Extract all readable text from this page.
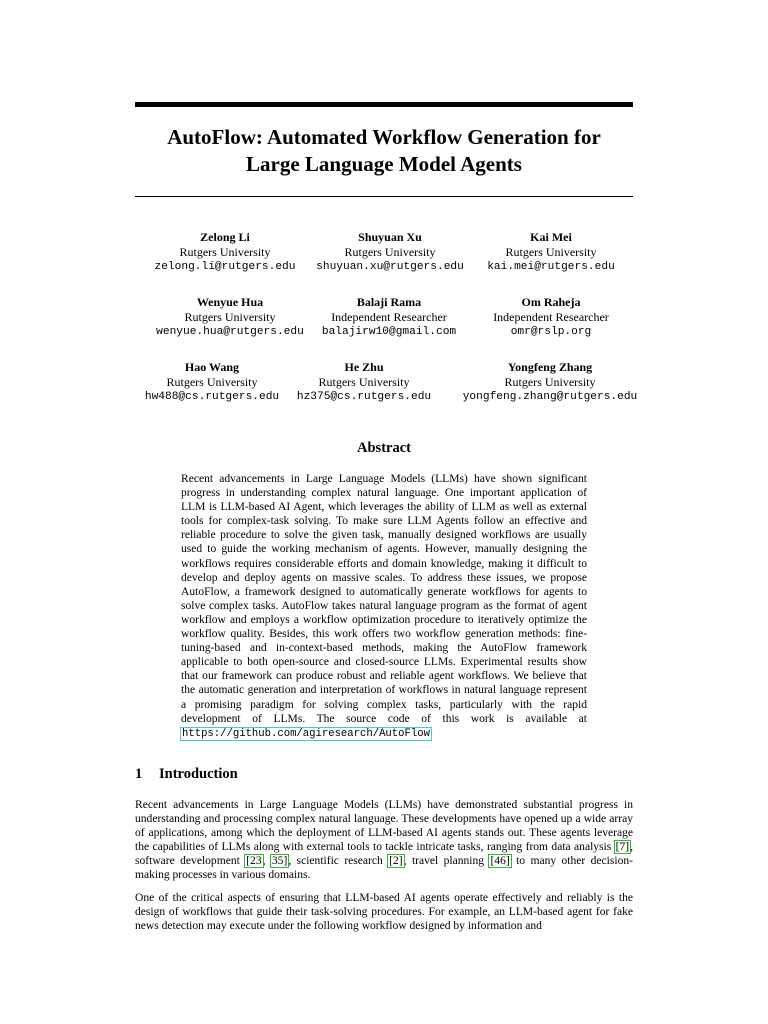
AutoFlow: Automated Workflow Generation for
Large Language Model Agents
Zelong Li
Rutgers University
zelong.li@rutgers.edu
Shuyuan Xu
Rutgers University
shuyuan.xu@rutgers.edu
Kai Mei
Rutgers University
kai.mei@rutgers.edu
Wenyue Hua
Rutgers University
wenyue.hua@rutgers.edu
Balaji Rama
Independent Researcher
balajirw10@gmail.com
Om Raheja
Independent Researcher
omr@rslp.org
Hao Wang
Rutgers University
hw488@cs.rutgers.edu
He Zhu
Rutgers University
hz375@cs.rutgers.edu
Yongfeng Zhang
Rutgers University
yongfeng.zhang@rutgers.edu
Abstract

Recent advancements in Large Language Models (LLMs) have shown significant progress in understanding complex natural language. One important application of LLM is LLM-based AI Agent, which leverages the ability of LLM as well as external tools for complex-task solving. To make sure LLM Agents follow an effective and reliable procedure to solve the given task, manually designed workflows are usually used to guide the working mechanism of agents. However, manually designing the workflows requires considerable efforts and domain knowledge, making it difficult to develop and deploy agents on massive scales. To address these issues, we propose AutoFlow, a framework designed to automatically generate workflows for agents to solve complex tasks. AutoFlow takes natural language program as the format of agent workflow and employs a workflow optimization procedure to iteratively optimize the workflow quality. Besides, this work offers two workflow generation methods: fine-tuning-based and in-context-based methods, making the AutoFlow framework applicable to both open-source and closed-source LLMs. Experimental results show that our framework can produce robust and reliable agent workflows. We believe that the automatic generation and interpretation of workflows in natural language represent a promising paradigm for solving complex tasks, particularly with the rapid development of LLMs. The source code of this work is available at https://github.com/agiresearch/AutoFlow

1 Introduction

Recent advancements in Large Language Models (LLMs) have demonstrated substantial progress in understanding and processing complex natural language. These developments have opened up a wide array of applications, among which the deployment of LLM-based AI agents stands out. These agents leverage the capabilities of LLMs along with external tools to tackle intricate tasks, ranging from data analysis [7], software development [23, 35], scientific research [2], travel planning [46] to many other decision-making processes in various domains.

One of the critical aspects of ensuring that LLM-based AI agents operate effectively and reliably is the design of workflows that guide their task-solving procedures. For example, an LLM-based agent for fake news detection may execute under the following workflow designed by information and
